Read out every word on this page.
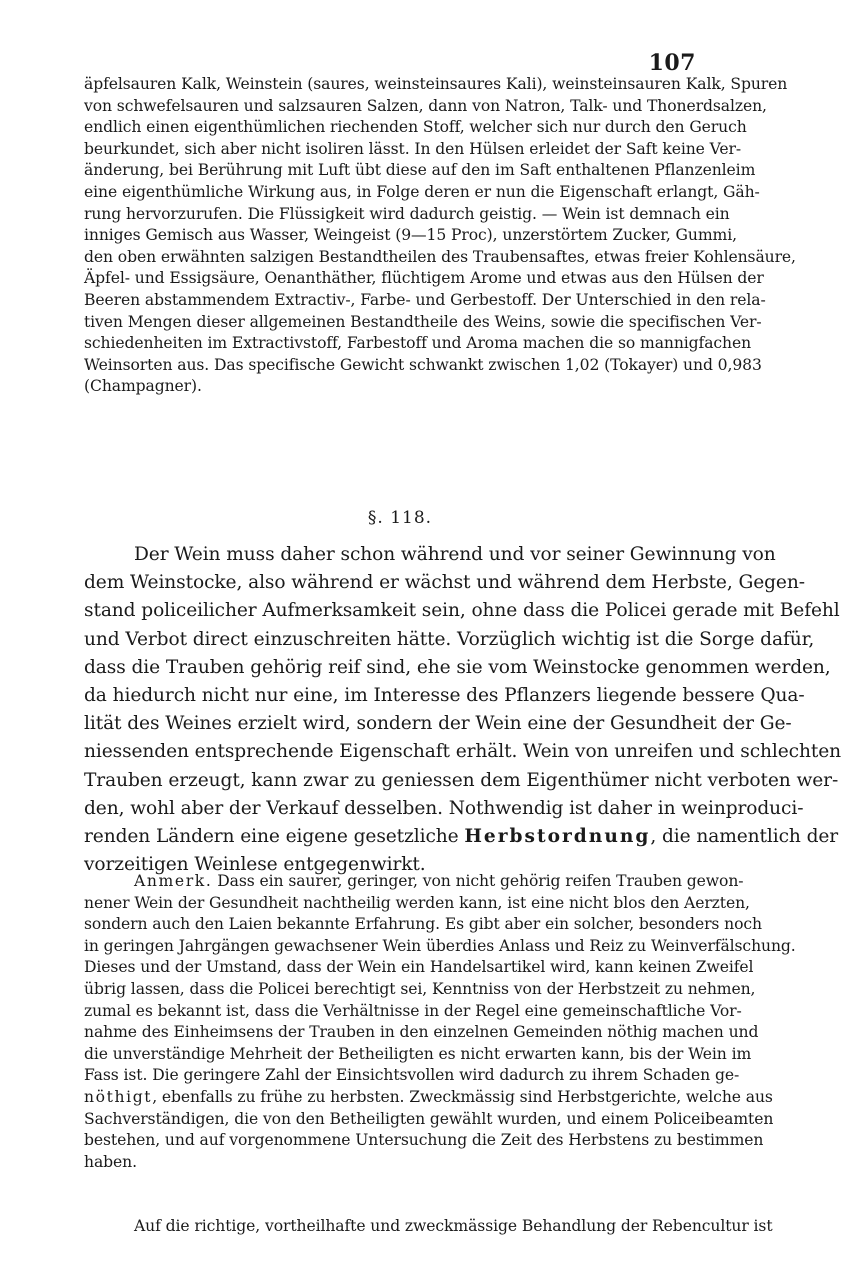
107
äpfelsauren Kalk, Weinstein (saures, weinsteinsaures Kali), weinsteinsauren Kalk, Spuren
von schwefelsauren und salzsauren Salzen, dann von Natron, Talk- und Thonerdsalzen,
endlich einen eigenthümlichen riechenden Stoff, welcher sich nur durch den Geruch
beurkundet, sich aber nicht isoliren lässt. In den Hülsen erleidet der Saft keine Ver-
änderung, bei Berührung mit Luft übt diese auf den im Saft enthaltenen Pflanzenleim
eine eigenthümliche Wirkung aus, in Folge deren er nun die Eigenschaft erlangt, Gäh-
rung hervorzurufen. Die Flüssigkeit wird dadurch geistig. — Wein ist demnach ein
inniges Gemisch aus Wasser, Weingeist (9—15 Proc), unzerstörtem Zucker, Gummi,
den oben erwähnten salzigen Bestandtheilen des Traubensaftes, etwas freier Kohlensäure,
Äpfel- und Essigsäure, Oenanthäther, flüchtigem Arome und etwas aus den Hülsen der
Beeren abstammendem Extractiv-, Farbe- und Gerbestoff. Der Unterschied in den rela-
tiven Mengen dieser allgemeinen Bestandtheile des Weins, sowie die specifischen Ver-
schiedenheiten im Extractivstoff, Farbestoff und Aroma machen die so mannigfachen
Weinsorten aus. Das specifische Gewicht schwankt zwischen 1,02 (Tokayer) und 0,983
(Champagner).
§. 118.
Der Wein muss daher schon während und vor seiner Gewinnung von
dem Weinstocke, also während er wächst und während dem Herbste, Gegen-
stand policeilicher Aufmerksamkeit sein, ohne dass die Policei gerade mit Befehl
und Verbot direct einzuschreiten hätte. Vorzüglich wichtig ist die Sorge dafür,
dass die Trauben gehörig reif sind, ehe sie vom Weinstocke genommen werden,
da hiedurch nicht nur eine, im Interesse des Pflanzers liegende bessere Qua-
lität des Weines erzielt wird, sondern der Wein eine der Gesundheit der Ge-
niessenden entsprechende Eigenschaft erhält. Wein von unreifen und schlechten
Trauben erzeugt, kann zwar zu geniessen dem Eigenthümer nicht verboten wer-
den, wohl aber der Verkauf desselben. Nothwendig ist daher in weinproduci-
renden Ländern eine eigene gesetzliche Herbstordnung, die namentlich der
vorzeitigen Weinlese entgegenwirkt.
Anmerk. Dass ein saurer, geringer, von nicht gehörig reifen Trauben gewon-
nener Wein der Gesundheit nachtheilig werden kann, ist eine nicht blos den Aerzten,
sondern auch den Laien bekannte Erfahrung. Es gibt aber ein solcher, besonders noch
in geringen Jahrgängen gewachsener Wein überdies Anlass und Reiz zu Weinverfälschung.
Dieses und der Umstand, dass der Wein ein Handelsartikel wird, kann keinen Zweifel
übrig lassen, dass die Policei berechtigt sei, Kenntniss von der Herbstzeit zu nehmen,
zumal es bekannt ist, dass die Verhältnisse in der Regel eine gemeinschaftliche Vor-
nahme des Einheimsens der Trauben in den einzelnen Gemeinden nöthig machen und
die unverständige Mehrheit der Betheiligten es nicht erwarten kann, bis der Wein im
Fass ist. Die geringere Zahl der Einsichtsvollen wird dadurch zu ihrem Schaden ge-
nöthigt, ebenfalls zu frühe zu herbsten. Zweckmässig sind Herbstgerichte, welche aus
Sachverständigen, die von den Betheiligten gewählt wurden, und einem Policeibeamten
bestehen, und auf vorgenommene Untersuchung die Zeit des Herbstens zu bestimmen
haben.
Auf die richtige, vortheilhafte und zweckmässige Behandlung der Rebencultur ist
